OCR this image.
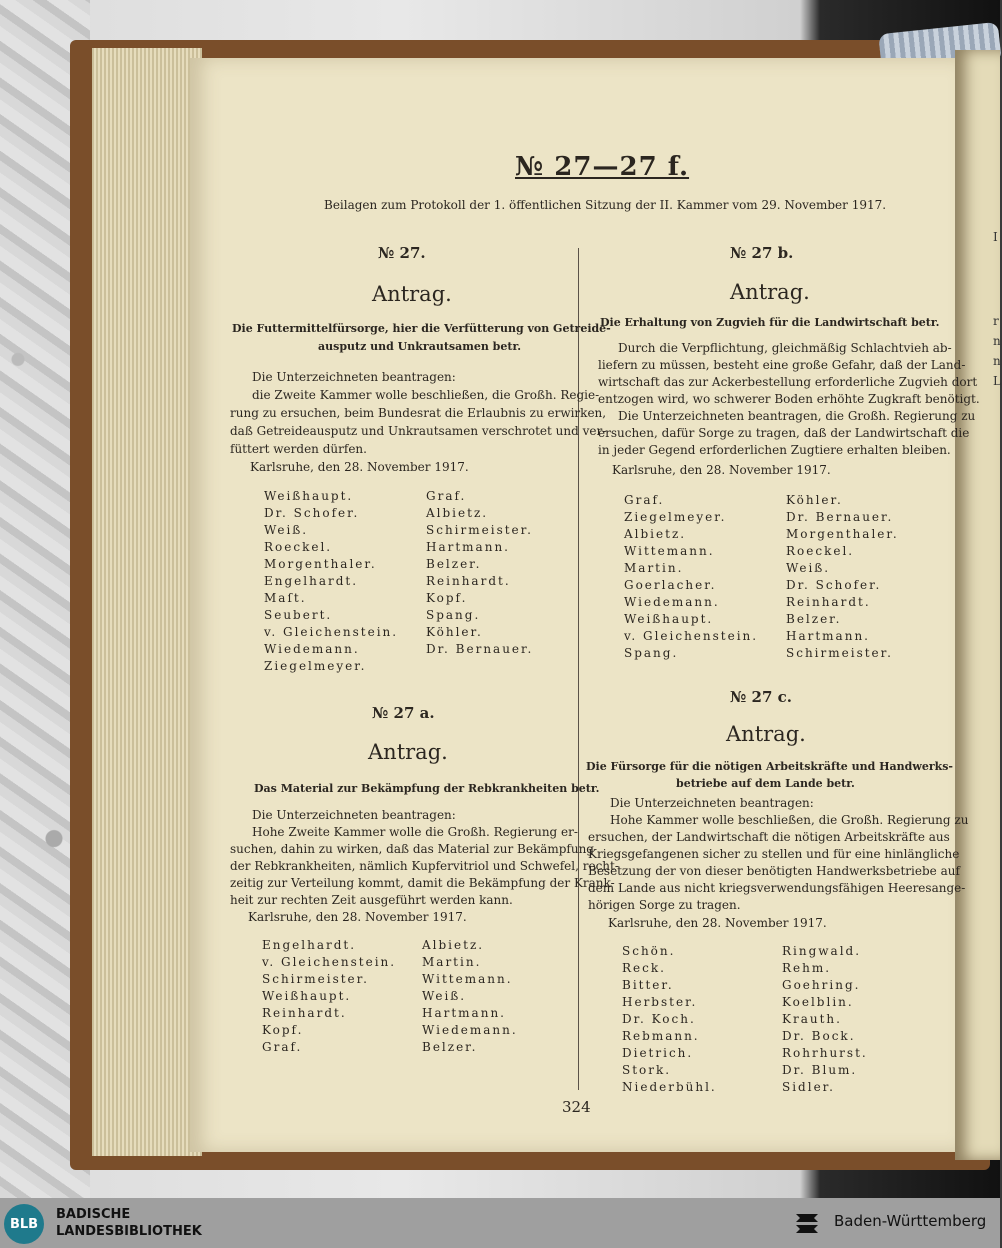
I
r
n
n
L
№ 27—27 f.
Beilagen zum Protokoll der 1. öffentlichen Sitzung der II. Kammer vom 29. November 1917.
№ 27.
Antrag.
Die Futtermittelfürsorge, hier die Verfütterung von Getreide-
ausputz und Unkrautsamen betr.
Die Unterzeichneten beantragen:
die Zweite Kammer wolle beschließen, die Großh. Regie-
rung zu ersuchen, beim Bundesrat die Erlaubnis zu erwirken,
daß Getreideausputz und Unkrautsamen verschrotet und ver-
füttert werden dürfen.
Karlsruhe, den 28. November 1917.
Weißhaupt.
Dr. Schofer.
Weiß.
Roeckel.
Morgenthaler.
Engelhardt.
Maſt.
Seubert.
v. Gleichenstein.
Wiedemann.
Ziegelmeyer.
Graf.
Albietz.
Schirmeister.
Hartmann.
Belzer.
Reinhardt.
Kopf.
Spang.
Köhler.
Dr. Bernauer.
№ 27 a.
Antrag.
Das Material zur Bekämpfung der Rebkrankheiten betr.
Die Unterzeichneten beantragen:
Hohe Zweite Kammer wolle die Großh. Regierung er-
suchen, dahin zu wirken, daß das Material zur Bekämpfung
der Rebkrankheiten, nämlich Kupfervitriol und Schwefel, recht-
zeitig zur Verteilung kommt, damit die Bekämpfung der Krank-
heit zur rechten Zeit ausgeführt werden kann.
Karlsruhe, den 28. November 1917.
Engelhardt.
v. Gleichenstein.
Schirmeister.
Weißhaupt.
Reinhardt.
Kopf.
Graf.
Albietz.
Martin.
Wittemann.
Weiß.
Hartmann.
Wiedemann.
Belzer.
№ 27 b.
Antrag.
Die Erhaltung von Zugvieh für die Landwirtschaft betr.
Durch die Verpflichtung, gleichmäßig Schlachtvieh ab-
liefern zu müssen, besteht eine große Gefahr, daß der Land-
wirtschaft das zur Ackerbestellung erforderliche Zugvieh dort
entzogen wird, wo schwerer Boden erhöhte Zugkraft benötigt.
Die Unterzeichneten beantragen, die Großh. Regierung zu
ersuchen, dafür Sorge zu tragen, daß der Landwirtschaft die
in jeder Gegend erforderlichen Zugtiere erhalten bleiben.
Karlsruhe, den 28. November 1917.
Graf.
Ziegelmeyer.
Albietz.
Wittemann.
Martin.
Goerlacher.
Wiedemann.
Weißhaupt.
v. Gleichenstein.
Spang.
Köhler.
Dr. Bernauer.
Morgenthaler.
Roeckel.
Weiß.
Dr. Schofer.
Reinhardt.
Belzer.
Hartmann.
Schirmeister.
№ 27 c.
Antrag.
Die Fürsorge für die nötigen Arbeitskräfte und Handwerks-
betriebe auf dem Lande betr.
Die Unterzeichneten beantragen:
Hohe Kammer wolle beschließen, die Großh. Regierung zu
ersuchen, der Landwirtschaft die nötigen Arbeitskräfte aus
Kriegsgefangenen sicher zu stellen und für eine hinlängliche
Besetzung der von dieser benötigten Handwerksbetriebe auf
dem Lande aus nicht kriegsverwendungsfähigen Heeresange-
hörigen Sorge zu tragen.
Karlsruhe, den 28. November 1917.
Schön.
Reck.
Bitter.
Herbster.
Dr. Koch.
Rebmann.
Dietrich.
Stork.
Niederbühl.
Ringwald.
Rehm.
Goehring.
Koelblin.
Krauth.
Dr. Bock.
Rohrhurst.
Dr. Blum.
Sidler.
324
BLB
BADISCHE
LANDESBIBLIOTHEK
Baden-Württemberg
